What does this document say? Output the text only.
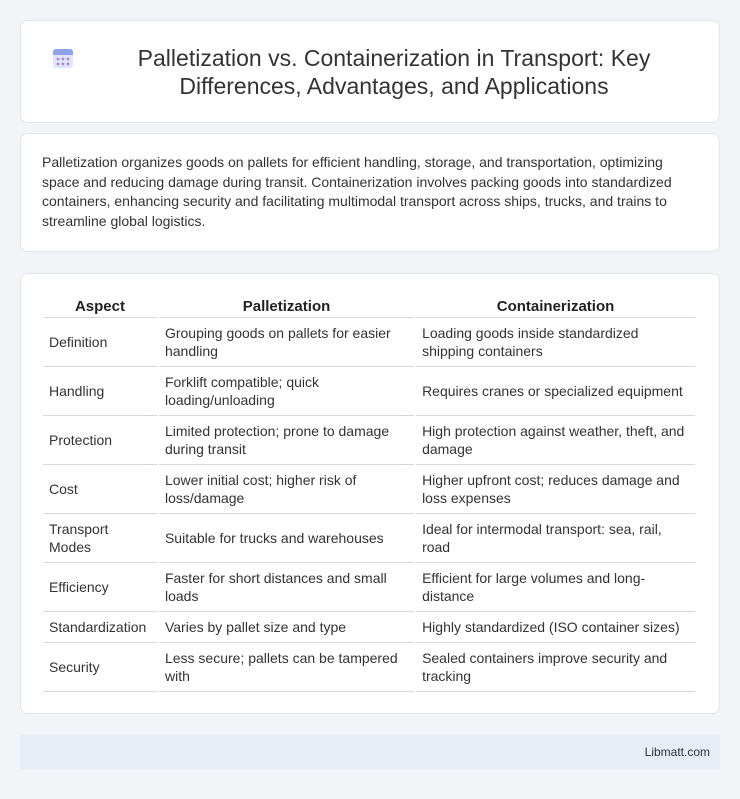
Palletization vs. Containerization in Transport: Key Differences, Advantages, and Applications

Palletization organizes goods on pallets for efficient handling, storage, and transportation, optimizing space and reducing damage during transit. Containerization involves packing goods into standardized containers, enhancing security and facilitating multimodal transport across ships, trucks, and trains to streamline global logistics.

Aspect	Palletization	Containerization
Definition	Grouping goods on pallets for easier handling	Loading goods inside standardized shipping containers
Handling	Forklift compatible; quick loading/unloading	Requires cranes or specialized equipment
Protection	Limited protection; prone to damage during transit	High protection against weather, theft, and damage
Cost	Lower initial cost; higher risk of loss/damage	Higher upfront cost; reduces damage and loss expenses
Transport Modes	Suitable for trucks and warehouses	Ideal for intermodal transport: sea, rail, road
Efficiency	Faster for short distances and small loads	Efficient for large volumes and long-distance
Standardization	Varies by pallet size and type	Highly standardized (ISO container sizes)
Security	Less secure; pallets can be tampered with	Sealed containers improve security and tracking
Libmatt.com
